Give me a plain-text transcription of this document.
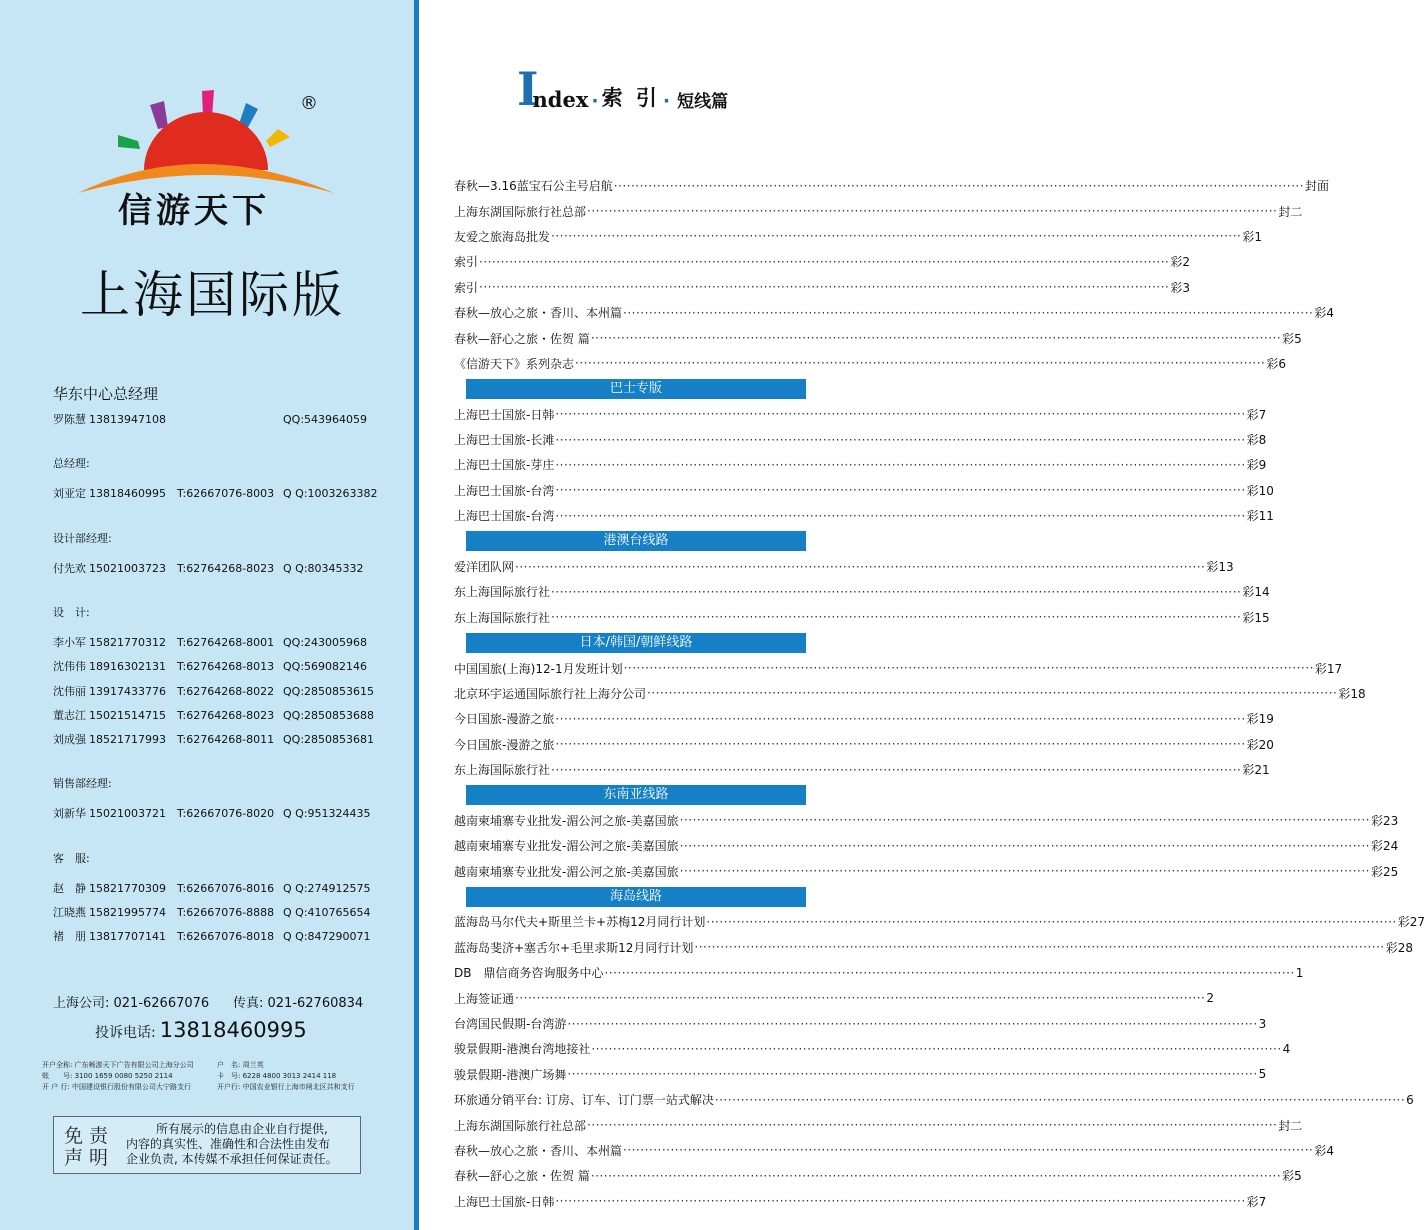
®
信游天下
上海国际版
华东中心总经理
罗陈慧 13813947108	QQ:543964059
总经理:
刘亚定 13818460995 T:62667076-8003 Q Q:1003263382
设计部经理:
付先欢 15021003723 T:62764268-8023 Q Q:80345332
设　计:
李小军 15821770312 T:62764268-8001 QQ:243005968
沈伟伟 18916302131 T:62764268-8013 QQ:569082146
沈伟丽 13917433776 T:62764268-8022 QQ:2850853615
董志江 15021514715 T:62764268-8023 QQ:2850853688
刘成强 18521717993 T:62764268-8011 QQ:2850853681
销售部经理:
刘新华 15021003721 T:62667076-8020 Q Q:951324435
客　服:
赵　静 15821770309 T:62667076-8016 Q Q:274912575
江晓燕 15821995774 T:62667076-8888 Q Q:410765654
褚　朋 13817707141 T:62667076-8018 Q Q:847290071
上海公司: 021-62667076 传真: 021-62760834
投诉电话: 13818460995
开户全称: 广东畅游天下广告有限公司上海分公司	户　名: 周兰英
账　　号: 3100 1659 0080 5250 2114	卡　号: 6228 4800 3013 2414 118
开 户 行: 中国建设银行股份有限公司大宁路支行	开户行: 中国农业银行上海市闸北区共和支行
免责声明
所有展示的信息由企业自行提供,
内容的真实性、准确性和合法性由发布
企业负责, 本传媒不承担任何保证责任。
Index · 索 引 · 短线篇
春秋—3.16蓝宝石公主号启航 ································································································································································ 封面
上海东湖国际旅行社总部 ································································································································································ 封二
友爱之旅海岛批发 ································································································································································ 彩1
索引 ································································································································································ 彩2
索引 ································································································································································ 彩3
春秋—放心之旅・香川、本州篇 ································································································································································ 彩4
春秋—舒心之旅・佐贺 篇 ································································································································································ 彩5
《信游天下》系列杂志 ································································································································································ 彩6
巴士专版
上海巴士国旅-日韩 ································································································································································ 彩7
上海巴士国旅-长滩 ································································································································································ 彩8
上海巴士国旅-芽庄 ································································································································································ 彩9
上海巴士国旅-台湾 ································································································································································ 彩10
上海巴士国旅-台湾 ································································································································································ 彩11
港澳台线路
爱洋团队网 ································································································································································ 彩13
东上海国际旅行社 ································································································································································ 彩14
东上海国际旅行社 ································································································································································ 彩15
日本/韩国/朝鲜线路
中国国旅(上海)12-1月发班计划 ································································································································································ 彩17
北京环宇运通国际旅行社上海分公司 ································································································································································ 彩18
今日国旅-漫游之旅 ································································································································································ 彩19
今日国旅-漫游之旅 ································································································································································ 彩20
东上海国际旅行社 ································································································································································ 彩21
东南亚线路
越南柬埔寨专业批发-湄公河之旅-美嘉国旅 ································································································································································ 彩23
越南柬埔寨专业批发-湄公河之旅-美嘉国旅 ································································································································································ 彩24
越南柬埔寨专业批发-湄公河之旅-美嘉国旅 ································································································································································ 彩25
海岛线路
蓝海岛马尔代夫+斯里兰卡+苏梅12月同行计划 ································································································································································ 彩27
蓝海岛斐济+塞舌尔+毛里求斯12月同行计划 ································································································································································ 彩28
DB　鼎信商务咨询服务中心 ································································································································································ 1
上海签证通 ································································································································································ 2
台湾国民假期-台湾游 ································································································································································ 3
骏景假期-港澳台湾地接社 ································································································································································ 4
骏景假期-港澳广场舞 ································································································································································ 5
环旅通分销平台: 订房、订车、订门票一站式解决 ································································································································································ 6
上海东湖国际旅行社总部 ································································································································································ 封二
春秋—放心之旅・香川、本州篇 ································································································································································ 彩4
春秋—舒心之旅・佐贺 篇 ································································································································································ 彩5
上海巴士国旅-日韩 ································································································································································ 彩7
